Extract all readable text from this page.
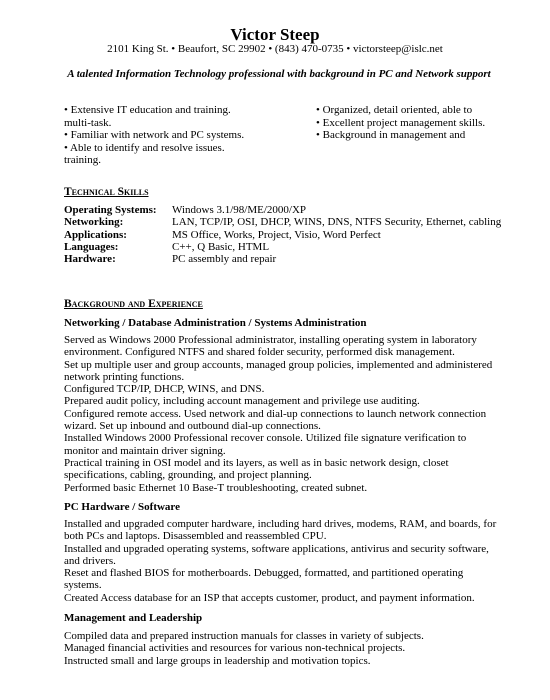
Victor Steep
2101 King St. • Beaufort, SC 29902 • (843) 470-0735 • victorsteep@islc.net
A talented Information Technology professional with background in PC and Network support
• Extensive IT education and training. multi-task.
• Familiar with network and PC systems.
• Able to identify and resolve issues. training.
• Organized, detail oriented, able to
• Excellent project management skills.
• Background in management and
Technical Skills
Operating Systems:	Windows 3.1/98/ME/2000/XP
Networking:	LAN, TCP/IP, OSI, DHCP, WINS, DNS, NTFS Security, Ethernet, cabling
Applications:	MS Office, Works, Project, Visio, Word Perfect
Languages:	C++, Q Basic, HTML
Hardware:	PC assembly and repair
Background and Experience
Networking / Database Administration / Systems Administration
Served as Windows 2000 Professional administrator, installing operating system in laboratory environment. Configured NTFS and shared folder security, performed disk management.
Set up multiple user and group accounts, managed group policies, implemented and administered network printing functions.
Configured TCP/IP, DHCP, WINS, and DNS.
Prepared audit policy, including account management and privilege use auditing.
Configured remote access. Used network and dial-up connections to launch network connection wizard. Set up inbound and outbound dial-up connections.
Installed Windows 2000 Professional recover console. Utilized file signature verification to monitor and maintain driver signing.
Practical training in OSI model and its layers, as well as in basic network design, closet specifications, cabling, grounding, and project planning.
Performed basic Ethernet 10 Base-T troubleshooting, created subnet.
PC Hardware / Software
Installed and upgraded computer hardware, including hard drives, modems, RAM, and boards, for both PCs and laptops. Disassembled and reassembled CPU.
Installed and upgraded operating systems, software applications, antivirus and security software, and drivers.
Reset and flashed BIOS for motherboards. Debugged, formatted, and partitioned operating systems.
Created Access database for an ISP that accepts customer, product, and payment information.
Management and Leadership
Compiled data and prepared instruction manuals for classes in variety of subjects.
Managed financial activities and resources for various non-technical projects.
Instructed small and large groups in leadership and motivation topics.
